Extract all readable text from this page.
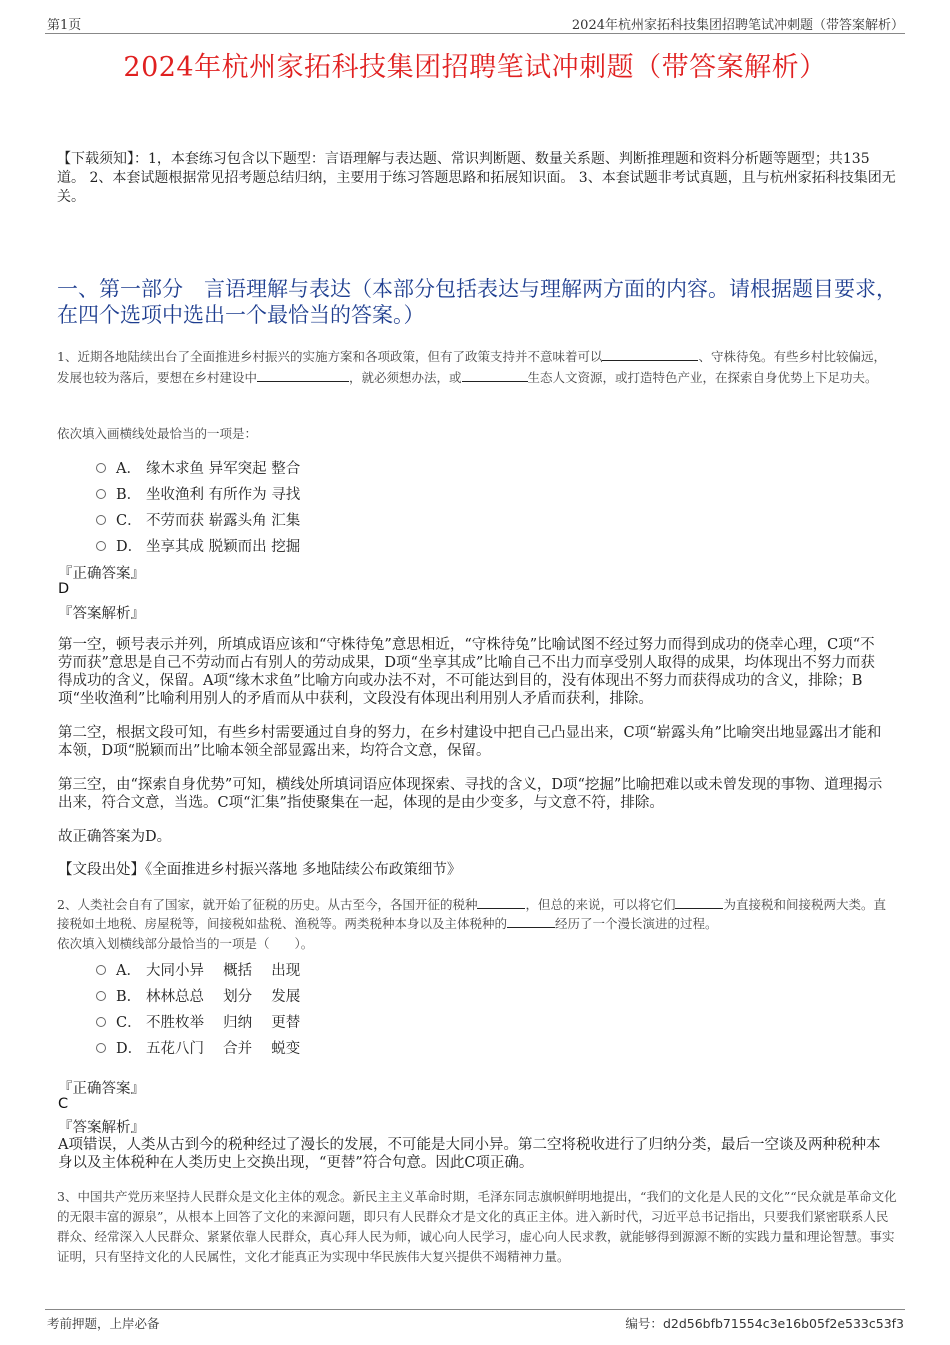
第1页	2024年杭州家拓科技集团招聘笔试冲刺题（带答案解析）
2024年杭州家拓科技集团招聘笔试冲刺题（带答案解析）
【下载须知】：1，本套练习包含以下题型：言语理解与表达题、常识判断题、数量关系题、判断推理题和资料分析题等题型；共135道。 2、本套试题根据常见招考题总结归纳，主要用于练习答题思路和拓展知识面。 3、本套试题非考试真题，且与杭州家拓科技集团无关。
一、第一部分　言语理解与表达（本部分包括表达与理解两方面的内容。请根据题目要求，在四个选项中选出一个最恰当的答案。）
1、近期各地陆续出台了全面推进乡村振兴的实施方案和各项政策，但有了政策支持并不意味着可以	、守株待兔。有些乡村比较偏远，发展也较为落后，要想在乡村建设中	，就必须想办法，或	生态人文资源，或打造特色产业，在探索自身优势上下足功夫。
依次填入画横线处最恰当的一项是：
A． 缘木求鱼 异军突起 整合
B． 坐收渔利 有所作为 寻找
C． 不劳而获 崭露头角 汇集
D． 坐享其成 脱颖而出 挖掘
『正确答案』
D
『答案解析』
第一空，顿号表示并列，所填成语应该和“守株待兔”意思相近，“守株待兔”比喻试图不经过努力而得到成功的侥幸心理，C项“不劳而获”意思是自己不劳动而占有别人的劳动成果，D项“坐享其成”比喻自己不出力而享受别人取得的成果，均体现出不努力而获得成功的含义，保留。A项“缘木求鱼”比喻方向或办法不对，不可能达到目的，没有体现出不努力而获得成功的含义，排除；B项“坐收渔利”比喻利用别人的矛盾而从中获利，文段没有体现出利用别人矛盾而获利，排除。
第二空，根据文段可知，有些乡村需要通过自身的努力，在乡村建设中把自己凸显出来，C项“崭露头角”比喻突出地显露出才能和本领，D项“脱颖而出”比喻本领全部显露出来，均符合文意，保留。
第三空，由“探索自身优势”可知，横线处所填词语应体现探索、寻找的含义，D项“挖掘”比喻把难以或未曾发现的事物、道理揭示出来，符合文意，当选。C项“汇集”指使聚集在一起，体现的是由少变多，与文意不符，排除。
故正确答案为D。
【文段出处】《全面推进乡村振兴落地 多地陆续公布政策细节》
2、人类社会自有了国家，就开始了征税的历史。从古至今，各国开征的税种	，但总的来说，可以将它们	为直接税和间接税两大类。直接税如土地税、房屋税等，间接税如盐税、渔税等。两类税种本身以及主体税种的	经历了一个漫长演进的过程。
依次填入划横线部分最恰当的一项是（　　）。
A． 大同小异　 概括　 出现
B． 林林总总　 划分　 发展
C． 不胜枚举　 归纳　 更替
D． 五花八门　 合并　 蜕变
『正确答案』
C
『答案解析』
A项错误，人类从古到今的税种经过了漫长的发展，不可能是大同小异。第二空将税收进行了归纳分类，最后一空谈及两种税种本身以及主体税种在人类历史上交换出现，“更替”符合句意。因此C项正确。
3、中国共产党历来坚持人民群众是文化主体的观念。新民主主义革命时期，毛泽东同志旗帜鲜明地提出，“我们的文化是人民的文化”“民众就是革命文化的无限丰富的源泉”，从根本上回答了文化的来源问题，即只有人民群众才是文化的真正主体。进入新时代，习近平总书记指出，只要我们紧密联系人民群众、经常深入人民群众、紧紧依靠人民群众，真心拜人民为师，诚心向人民学习，虚心向人民求教，就能够得到源源不断的实践力量和理论智慧。事实证明，只有坚持文化的人民属性，文化才能真正为实现中华民族伟大复兴提供不竭精神力量。
考前押题，上岸必备	编号：d2d56bfb71554c3e16b05f2e533c53f3
